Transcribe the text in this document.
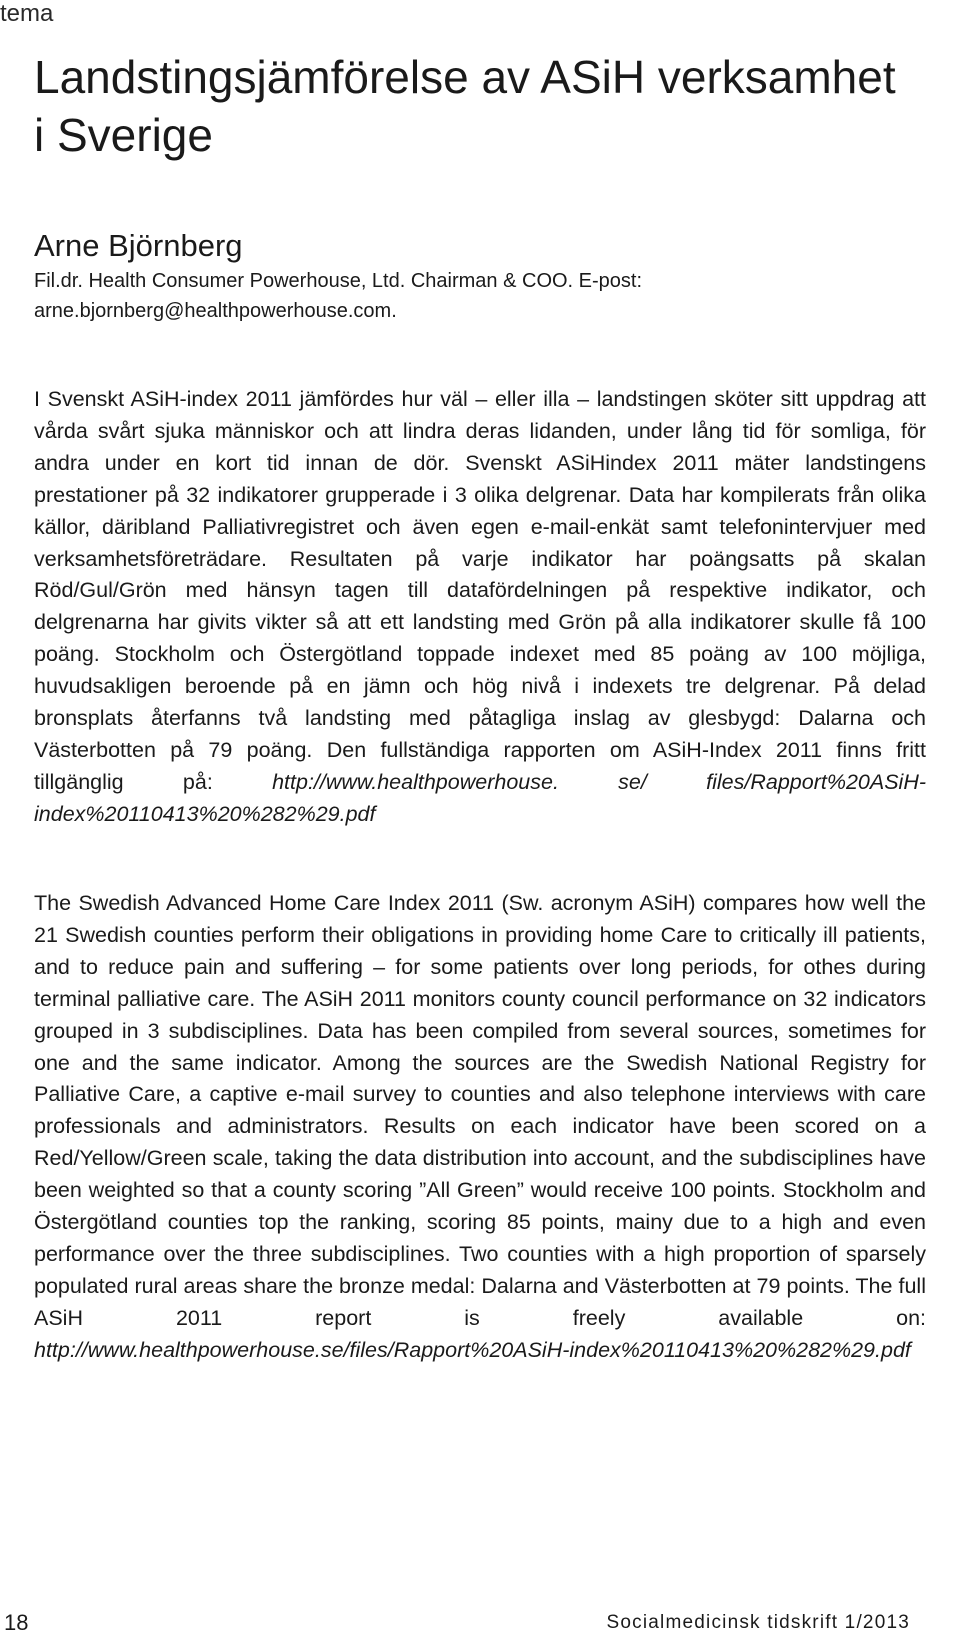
tema
Landstingsjämförelse av ASiH verksamhet i Sverige
Arne Björnberg
Fil.dr. Health Consumer Powerhouse, Ltd. Chairman & COO. E-post: arne.bjornberg@healthpowerhouse.com.

I Svenskt ASiH-index 2011 jämfördes hur väl – eller illa – landstingen sköter sitt uppdrag att vårda svårt sjuka människor och att lindra deras lidanden, under lång tid för somliga, för andra under en kort tid innan de dör. Svenskt ASiHindex 2011 mäter landstingens prestationer på 32 indikatorer grupperade i 3 olika delgrenar. Data har kompilerats från olika källor, däribland Palliativregistret och även egen e-mail-enkät samt telefonintervjuer med verksamhetsföreträdare. Resultaten på varje indikator har poängsatts på skalan Röd/Gul/Grön med hänsyn tagen till datafördelningen på respektive indikator, och delgrenarna har givits vikter så att ett landsting med Grön på alla indikatorer skulle få 100 poäng. Stockholm och Östergötland toppade indexet med 85 poäng av 100 möjliga, huvudsakligen beroende på en jämn och hög nivå i indexets tre delgrenar. På delad bronsplats återfanns två landsting med påtagliga inslag av glesbygd: Dalarna och Västerbotten på 79 poäng. Den fullständiga rapporten om ASiH-Index 2011 finns fritt tillgänglig på: http://www.healthpowerhouse. se/ files/Rapport%20ASiH-index%20110413%20%282%29.pdf

The Swedish Advanced Home Care Index 2011 (Sw. acronym ASiH) compares how well the 21 Swedish counties perform their obligations in providing home Care to critically ill patients, and to reduce pain and suffering – for some patients over long periods, for othes during terminal palliative care. The ASiH 2011 monitors county council performance on 32 indicators grouped in 3 subdisciplines. Data has been compiled from several sources, sometimes for one and the same indicator. Among the sources are the Swedish National Registry for Palliative Care, a captive e-mail survey to counties and also telephone interviews with care professionals and administrators. Results on each indicator have been scored on a Red/Yellow/Green scale, taking the data distribution into account, and the subdisciplines have been weighted so that a county scoring ”All Green” would receive 100 points. Stockholm and Östergötland counties top the ranking, scoring 85 points, mainy due to a high and even performance over the three subdisciplines. Two counties with a high proportion of sparsely populated rural areas share the bronze medal: Dalarna and Västerbotten at 79 points. The full ASiH 2011 report is freely available on: http://www.healthpowerhouse.se/files/Rapport%20ASiH-index%20110413%20%282%29.pdf

18	Socialmedicinsk tidskrift 1/2013
